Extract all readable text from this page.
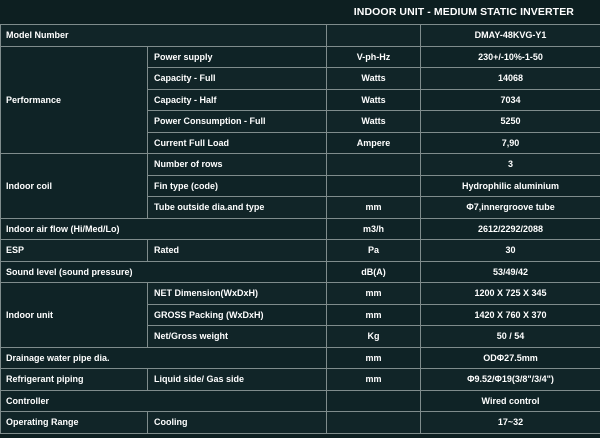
INDOOR UNIT - MEDIUM STATIC INVERTER
Model Number			DMAY-48KVG-Y1
Performance	Power supply	V-ph-Hz	230+/-10%-1-50
	Capacity - Full	Watts	14068
	Capacity - Half	Watts	7034
	Power Consumption - Full	Watts	5250
	Current Full Load	Ampere	7,90
Indoor coil	Number of rows		3
	Fin type (code)		Hydrophilic aluminium
	Tube outside dia.and type	mm	Φ7,innergroove tube
Indoor air flow (Hi/Med/Lo)		m3/h	2612/2292/2088
ESP	Rated	Pa	30
Sound level (sound pressure)		dB(A)	53/49/42
Indoor unit	NET Dimension(WxDxH)	mm	1200 X 725 X 345
	GROSS Packing (WxDxH)	mm	1420 X 760 X 370
	Net/Gross weight	Kg	50 / 54
Drainage water pipe dia.		mm	ODΦ27.5mm
Refrigerant piping	Liquid side/ Gas side	mm	Φ9.52/Φ19(3/8"/3/4")
Controller			Wired control
Operating Range	Cooling		17~32
